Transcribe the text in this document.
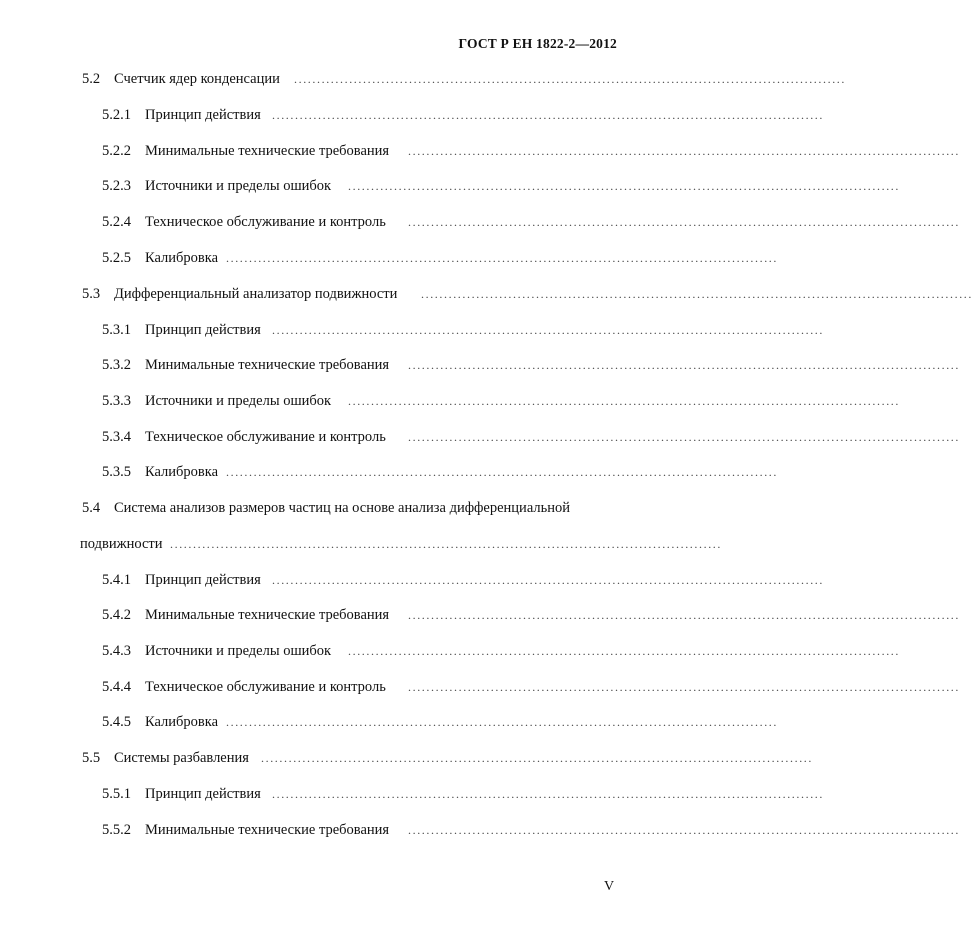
ГОСТ Р ЕН 1822-2—2012
5.2 Счетчик ядер конденсации ........................................................................................................................
5.2.1 Принцип действия ........................................................................................................................
5.2.2 Минимальные технические требования ........................................................................................................................
5.2.3 Источники и пределы ошибок ........................................................................................................................
5.2.4 Техническое обслуживание и контроль ........................................................................................................................
5.2.5 Калибровка ........................................................................................................................
5.3 Дифференциальный анализатор подвижности ........................................................................................................................
5.3.1 Принцип действия ........................................................................................................................
5.3.2 Минимальные технические требования ........................................................................................................................
5.3.3 Источники и пределы ошибок ........................................................................................................................
5.3.4 Техническое обслуживание и контроль ........................................................................................................................
5.3.5 Калибровка ........................................................................................................................
5.4 Система анализов размеров частиц на основе анализа дифференциальной
подвижности ........................................................................................................................
5.4.1 Принцип действия ........................................................................................................................
5.4.2 Минимальные технические требования ........................................................................................................................
5.4.3 Источники и пределы ошибок ........................................................................................................................
5.4.4 Техническое обслуживание и контроль ........................................................................................................................
5.4.5 Калибровка ........................................................................................................................
5.5 Системы разбавления ........................................................................................................................
5.5.1 Принцип действия ........................................................................................................................
5.5.2 Минимальные технические требования ........................................................................................................................
V
